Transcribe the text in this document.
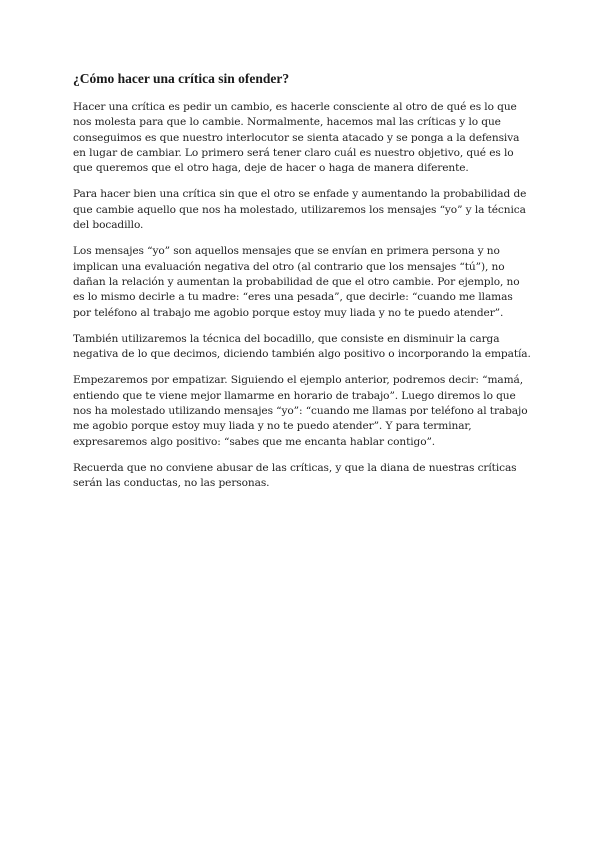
¿Cómo hacer una crítica sin ofender?

Hacer una crítica es pedir un cambio, es hacerle consciente al otro de qué es lo que nos molesta para que lo cambie. Normalmente, hacemos mal las críticas y lo que conseguimos es que nuestro interlocutor se sienta atacado y se ponga a la defensiva en lugar de cambiar. Lo primero será tener claro cuál es nuestro objetivo, qué es lo que queremos que el otro haga, deje de hacer o haga de manera diferente.

Para hacer bien una crítica sin que el otro se enfade y aumentando la probabilidad de que cambie aquello que nos ha molestado, utilizaremos los mensajes “yo” y la técnica del bocadillo.

Los mensajes “yo” son aquellos mensajes que se envían en primera persona y no implican una evaluación negativa del otro (al contrario que los mensajes “tú”), no dañan la relación y aumentan la probabilidad de que el otro cambie. Por ejemplo, no es lo mismo decirle a tu madre: “eres una pesada”, que decirle: “cuando me llamas por teléfono al trabajo me agobio porque estoy muy liada y no te puedo atender”.

También utilizaremos la técnica del bocadillo, que consiste en disminuir la carga negativa de lo que decimos, diciendo también algo positivo o incorporando la empatía.

Empezaremos por empatizar. Siguiendo el ejemplo anterior, podremos decir: “mamá, entiendo que te viene mejor llamarme en horario de trabajo”. Luego diremos lo que nos ha molestado utilizando mensajes “yo”: “cuando me llamas por teléfono al trabajo me agobio porque estoy muy liada y no te puedo atender”. Y para terminar, expresaremos algo positivo: “sabes que me encanta hablar contigo”.

Recuerda que no conviene abusar de las críticas, y que la diana de nuestras críticas serán las conductas, no las personas.
